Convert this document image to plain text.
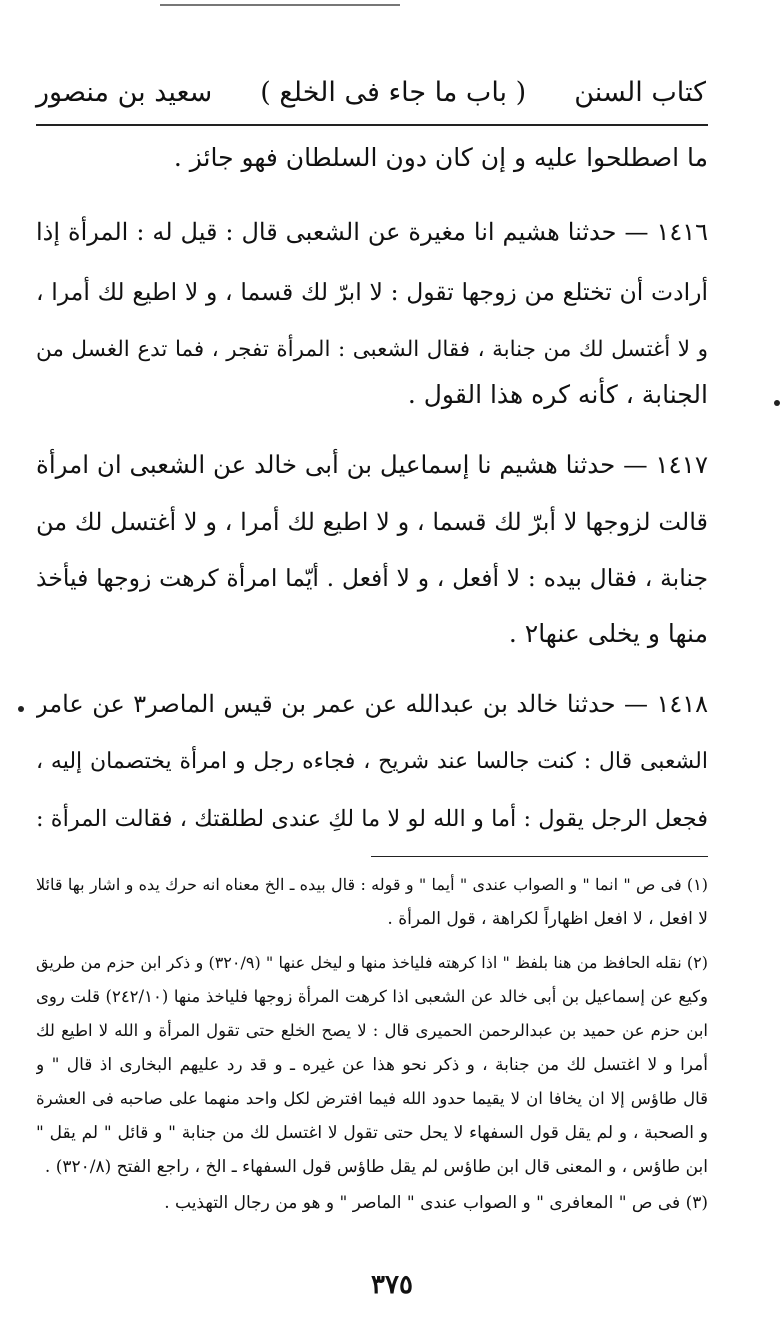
كتاب السنن
( باب ما جاء فى الخلع )
سعيد بن منصور
ما اصطلحوا عليه و إن كان دون السلطان فهو جائز .
١٤١٦ — حدثنا هشيم انا مغيرة عن الشعبى قال : قيل له : المرأة إذا
أرادت أن تختلع من زوجها تقول : لا ابرّ لك قسما ، و لا اطيع لك أمرا ،
و لا أغتسل لك من جنابة ، فقال الشعبى : المرأة تفجر ، فما تدع الغسل من
الجنابة ، كأنه كره هذا القول .
١٤١٧ — حدثنا هشيم نا إسماعيل بن أبى خالد عن الشعبى ان امرأة
قالت لزوجها لا أبرّ لك قسما ، و لا اطيع لك أمرا ، و لا أغتسل لك من
جنابة ، فقال بيده : لا أفعل ، و لا أفعل . أيّما امرأة كرهت زوجها فيأخذ
منها و يخلى عنها٢ .
١٤١٨ — حدثنا خالد بن عبدالله عن عمر بن قيس الماصر٣ عن عامر
الشعبى قال : كنت جالسا عند شريح ، فجاءه رجل و امرأة يختصمان إليه ،
فجعل الرجل يقول : أما و الله لو لا ما لكِ عندى لطلقتك ، فقالت المرأة :
(١) فى ص " انما " و الصواب عندى " أيما " و قوله : قال بيده ـ الخ معناه انه حرك يده و اشار بها قائلا
لا افعل ، لا افعل اظهاراً لكراهة ، قول المرأة .
(٢) نقله الحافظ من هنا بلفظ " اذا كرهته فلياخذ منها و ليخل عنها " (٣٢٠/٩) و ذكر ابن حزم من طريق
وكيع عن إسماعيل بن أبى خالد عن الشعبى اذا كرهت المرأة زوجها فلياخذ منها (٢٤٢/١٠) قلت روى
ابن حزم عن حميد بن عبدالرحمن الحميرى قال : لا يصح الخلع حتى تقول المرأة و الله لا اطيع لك
أمرا و لا اغتسل لك من جنابة ، و ذكر نحو هذا عن غيره ـ و قد رد عليهم البخارى اذ قال " و
قال طاؤس إلا ان يخافا ان لا يقيما حدود الله فيما افترض لكل واحد منهما على صاحبه فى العشرة
و الصحبة ، و لم يقل قول السفهاء لا يحل حتى تقول لا اغتسل لك من جنابة " و قائل " لم يقل "
ابن طاؤس ، و المعنى قال ابن طاؤس لم يقل طاؤس قول السفهاء ـ الخ ، راجع الفتح (٣٢٠/٨) .
(٣) فى ص " المعافرى " و الصواب عندى " الماصر " و هو من رجال التهذيب .
٣٧٥
